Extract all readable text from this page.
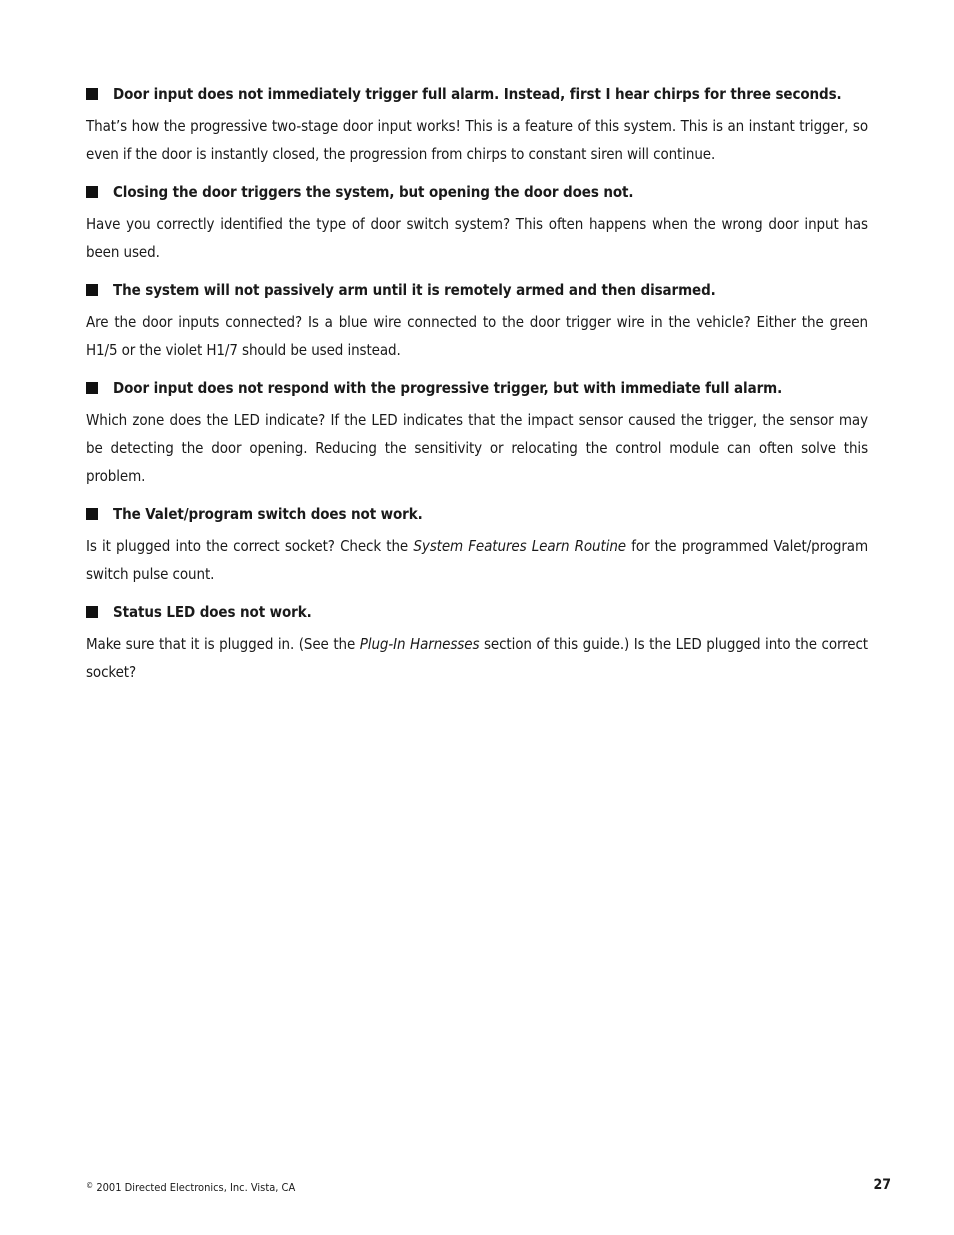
Door input does not immediately trigger full alarm. Instead, first I hear chirps for three seconds.

That’s how the progressive two-stage door input works! This is a feature of this system. This is an instant trigger, so even if the door is instantly closed, the progression from chirps to constant siren will continue.

Closing the door triggers the system, but opening the door does not.

Have you correctly identified the type of door switch system? This often happens when the wrong door input has been used.

The system will not passively arm until it is remotely armed and then disarmed.

Are the door inputs connected? Is a blue wire connected to the door trigger wire in the vehicle? Either the green H1/5 or the violet H1/7 should be used instead.

Door input does not respond with the progressive trigger, but with immediate full alarm.

Which zone does the LED indicate? If the LED indicates that the impact sensor caused the trigger, the sensor may be detecting the door opening. Reducing the sensitivity or relocating the control module can often solve this problem.

The Valet/program switch does not work.

Is it plugged into the correct socket? Check the System Features Learn Routine for the programmed Valet/program switch pulse count.

Status LED does not work.

Make sure that it is plugged in. (See the Plug-In Harnesses section of this guide.) Is the LED plugged into the correct socket?

© 2001 Directed Electronics, Inc. Vista, CA	27
